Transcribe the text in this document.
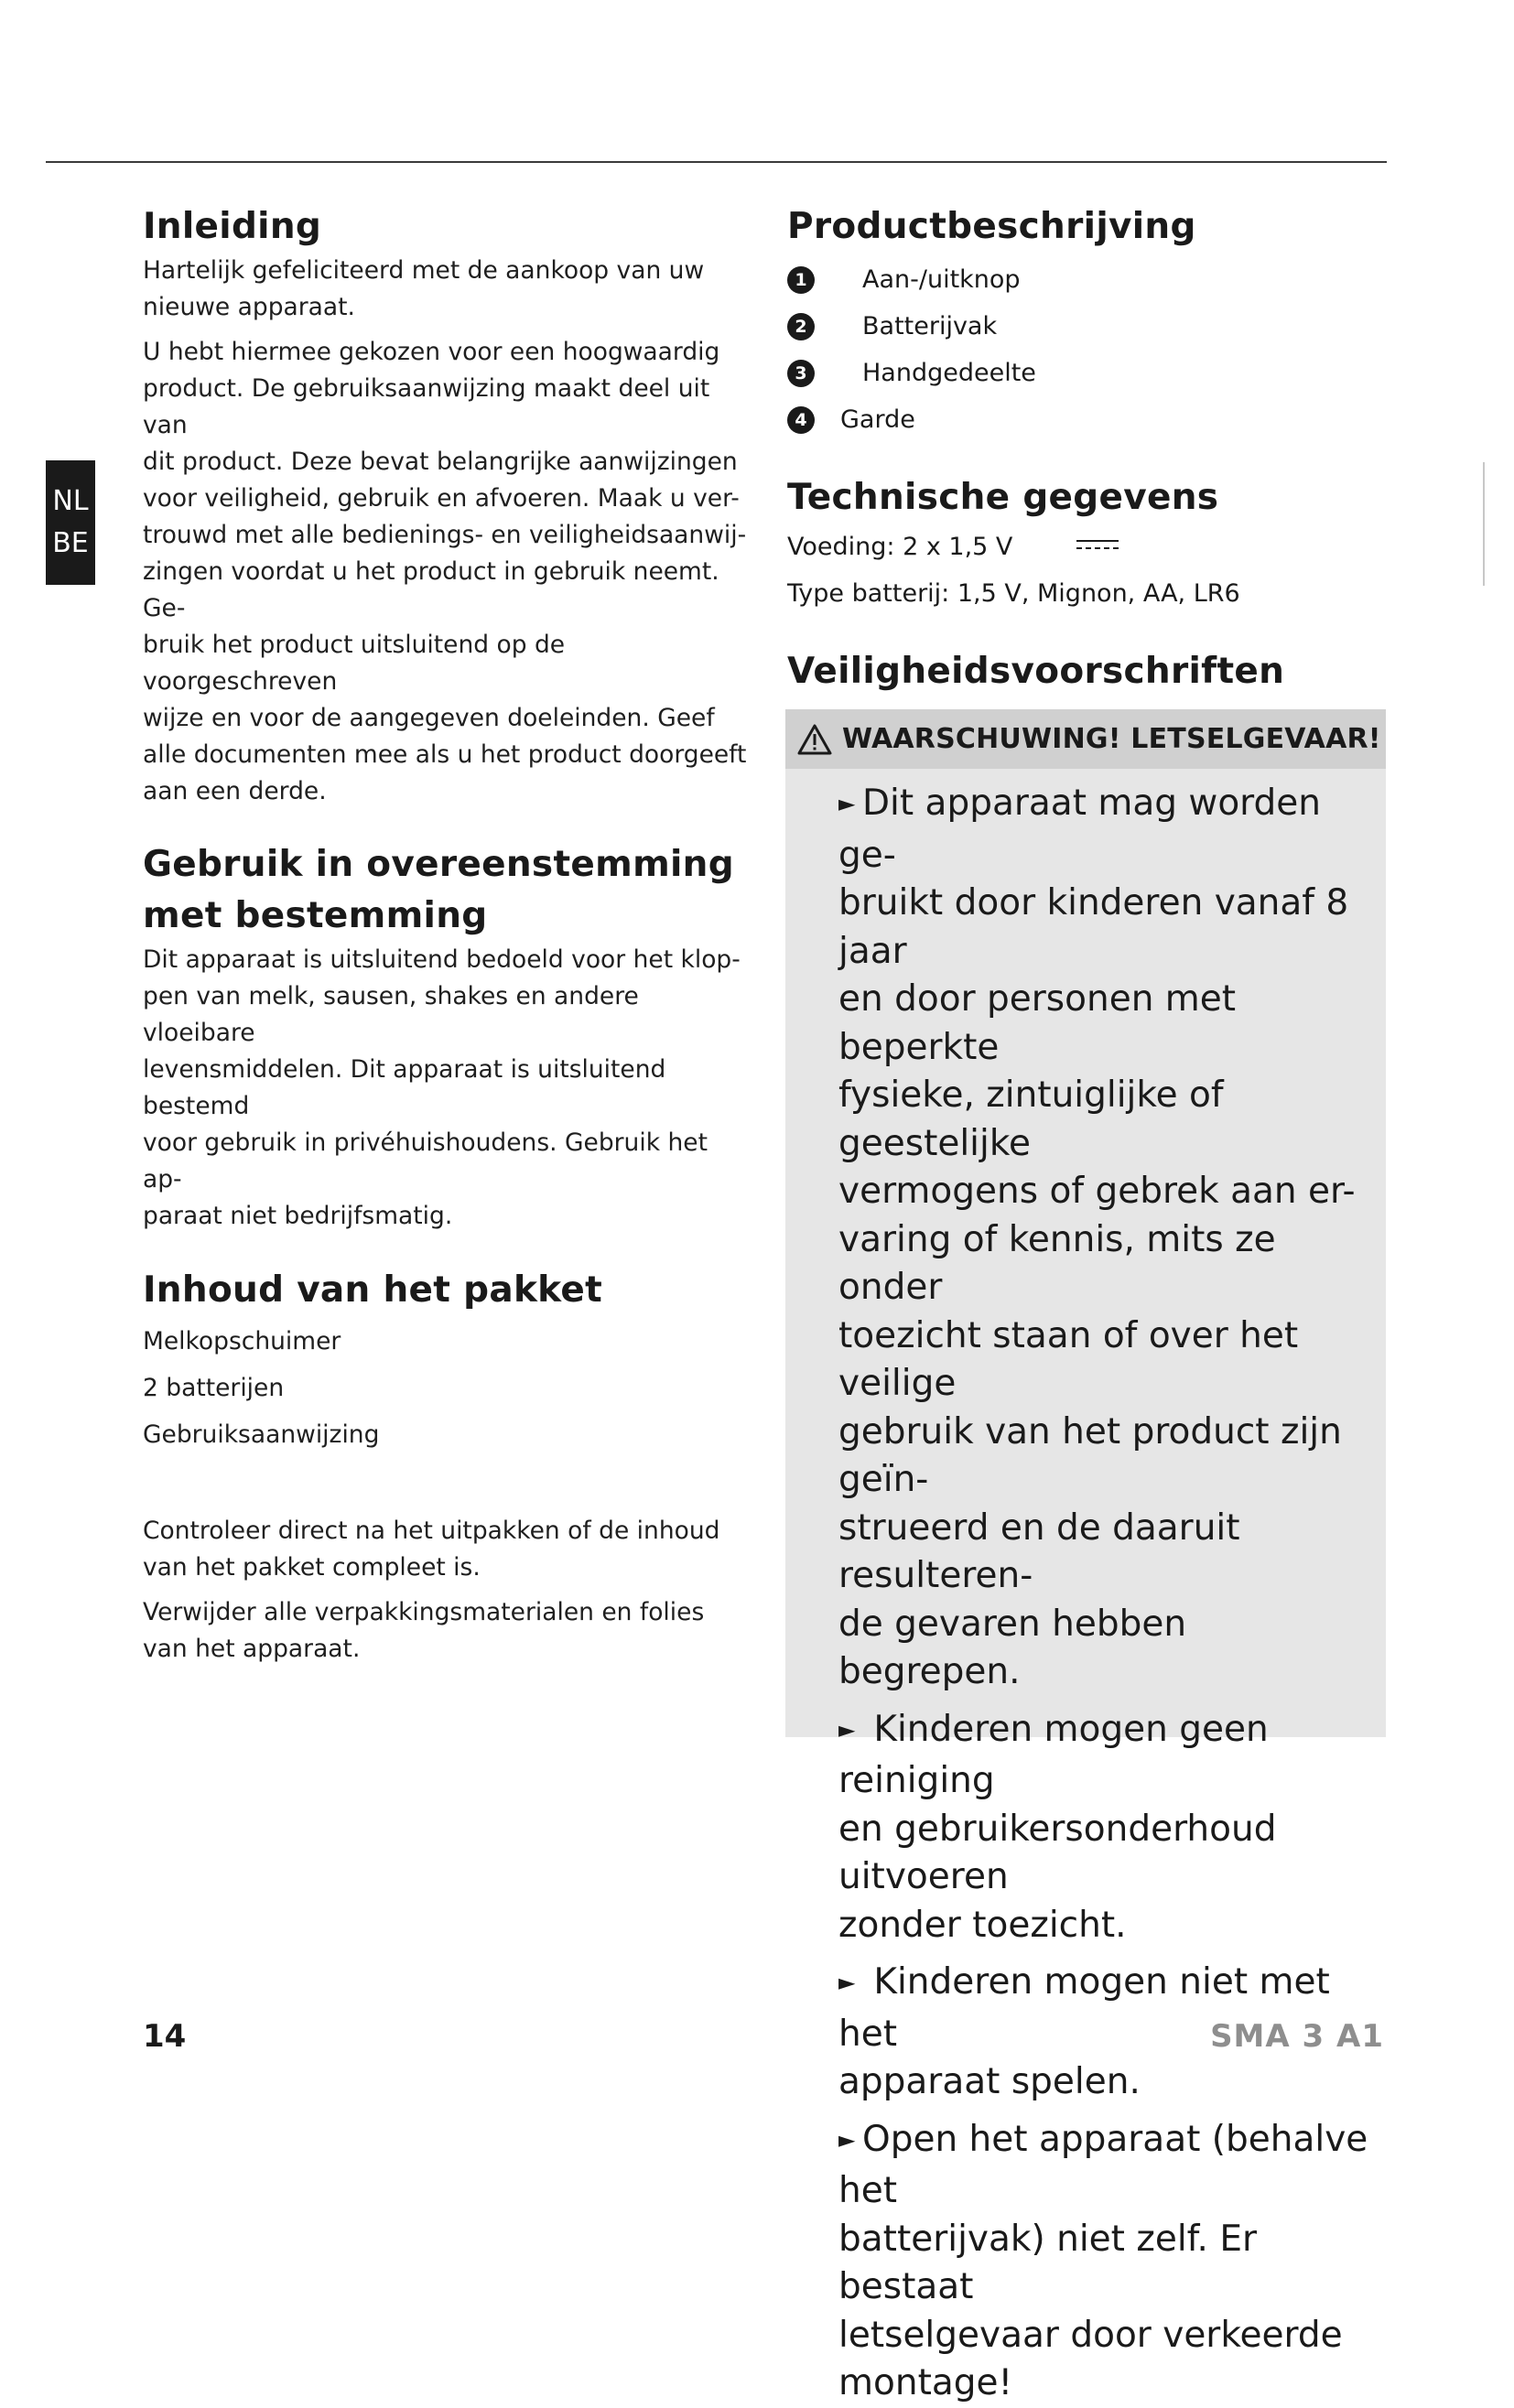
NL
BE
Inleiding

Hartelijk gefeliciteerd met de aankoop van uw
nieuwe apparaat.

U hebt hiermee gekozen voor een hoogwaardig
product. De gebruiksaanwijzing maakt deel uit van
dit product. Deze bevat belangrijke aanwijzingen
voor veiligheid, gebruik en afvoeren. Maak u ver-
trouwd met alle bedienings- en veiligheidsaanwij-
zingen voordat u het product in gebruik neemt. Ge-
bruik het product uitsluitend op de voorgeschreven
wijze en voor de aangegeven doeleinden. Geef
alle documenten mee als u het product doorgeeft
aan een derde.

Gebruik in overeenstemming
met bestemming

Dit apparaat is uitsluitend bedoeld voor het klop-
pen van melk, sausen, shakes en andere vloeibare
levensmiddelen. Dit apparaat is uitsluitend bestemd
voor gebruik in privéhuishoudens. Gebruik het ap-
paraat niet bedrijfsmatig.

Inhoud van het pakket

Melkopschuimer

2 batterijen

Gebruiksaanwijzing

Controleer direct na het uitpakken of de inhoud
van het pakket compleet is.

Verwijder alle verpakkingsmaterialen en folies
van het apparaat.

Productbeschrijving
1	Aan-/uitknop
2	Batterijvak
3	Handgedeelte
4	Garde
Technische gegevens
Voeding: 2 x 1,5 V
Type batterij: 1,5 V, Mignon, AA, LR6
Veiligheidsvoorschriften
WAARSCHUWING! LETSELGEVAAR!
► Dit apparaat mag worden ge-
bruikt door kinderen vanaf 8 jaar
en door personen met beperkte
fysieke, zintuiglijke of geestelijke
vermogens of gebrek aan er-
varing of kennis, mits ze onder
toezicht staan of over het veilige
gebruik van het product zijn geïn-
strueerd en de daaruit resulteren-
de gevaren hebben begrepen.
► Kinderen mogen geen reiniging
en gebruikersonderhoud uitvoeren
zonder toezicht.
► Kinderen mogen niet met het
apparaat spelen.
► Open het apparaat (behalve het
batterijvak) niet zelf. Er bestaat
letselgevaar door verkeerde
montage!
14	SMA 3 A1
